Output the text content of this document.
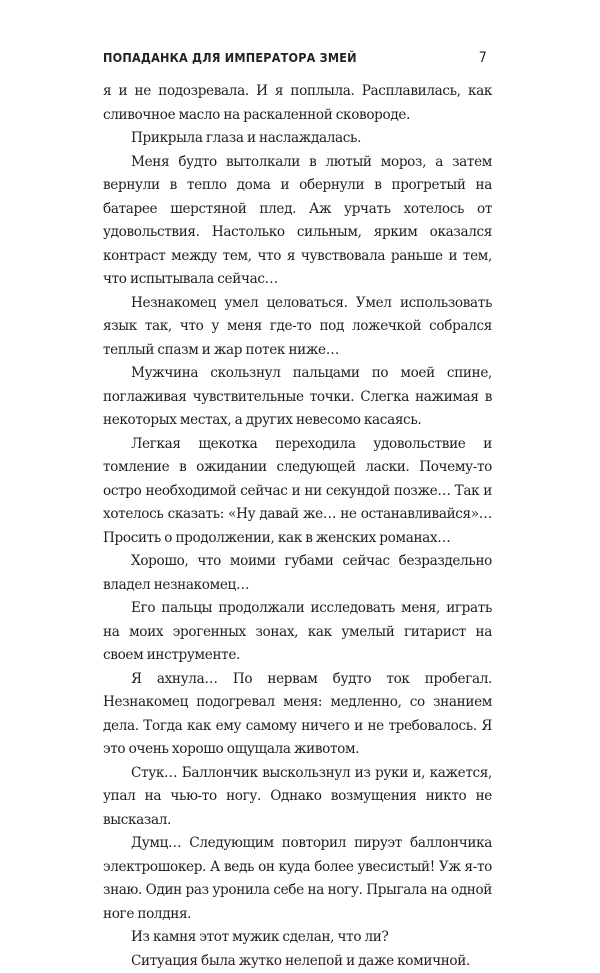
ПОПАДАНКА ДЛЯ ИМПЕРАТОРА ЗМЕЙ	7

я и не подозревала. И я поплыла. Расплавилась, как сливочное масло на раскаленной сковороде.

Прикрыла глаза и наслаждалась.

Меня будто вытолкали в лютый мороз, а затем вернули в тепло дома и обернули в прогретый на батарее шерстяной плед. Аж урчать хотелось от удовольствия. Настолько сильным, ярким оказался контраст между тем, что я чувствовала раньше и тем, что испытывала сейчас…

Незнакомец умел целоваться. Умел использовать язык так, что у меня где-то под ложечкой собрался теплый спазм и жар потек ниже…

Мужчина скользнул пальцами по моей спине, поглаживая чувствительные точки. Слегка нажимая в некоторых местах, а других невесомо касаясь.

Легкая щекотка переходила удовольствие и томление в ожидании следующей ласки. Почему-то остро необходимой сейчас и ни секундой позже… Так и хотелось сказать: «Ну давай же… не останавливайся»… Просить о продолжении, как в женских романах…

Хорошо, что моими губами сейчас безраздельно владел незнакомец…

Его пальцы продолжали исследовать меня, играть на моих эрогенных зонах, как умелый гитарист на своем инструменте.

Я ахнула… По нервам будто ток пробегал. Незнакомец подогревал меня: медленно, со знанием дела. Тогда как ему самому ничего и не требовалось. Я это очень хорошо ощущала животом.

Стук… Баллончик выскользнул из руки и, кажется, упал на чью-то ногу. Однако возмущения никто не высказал.

Думц… Следующим повторил пируэт баллончика электрошокер. А ведь он куда более увесистый! Уж я-то знаю. Один раз уронила себе на ногу. Прыгала на одной ноге полдня.

Из камня этот мужик сделан, что ли?

Ситуация была жутко нелепой и даже комичной.
